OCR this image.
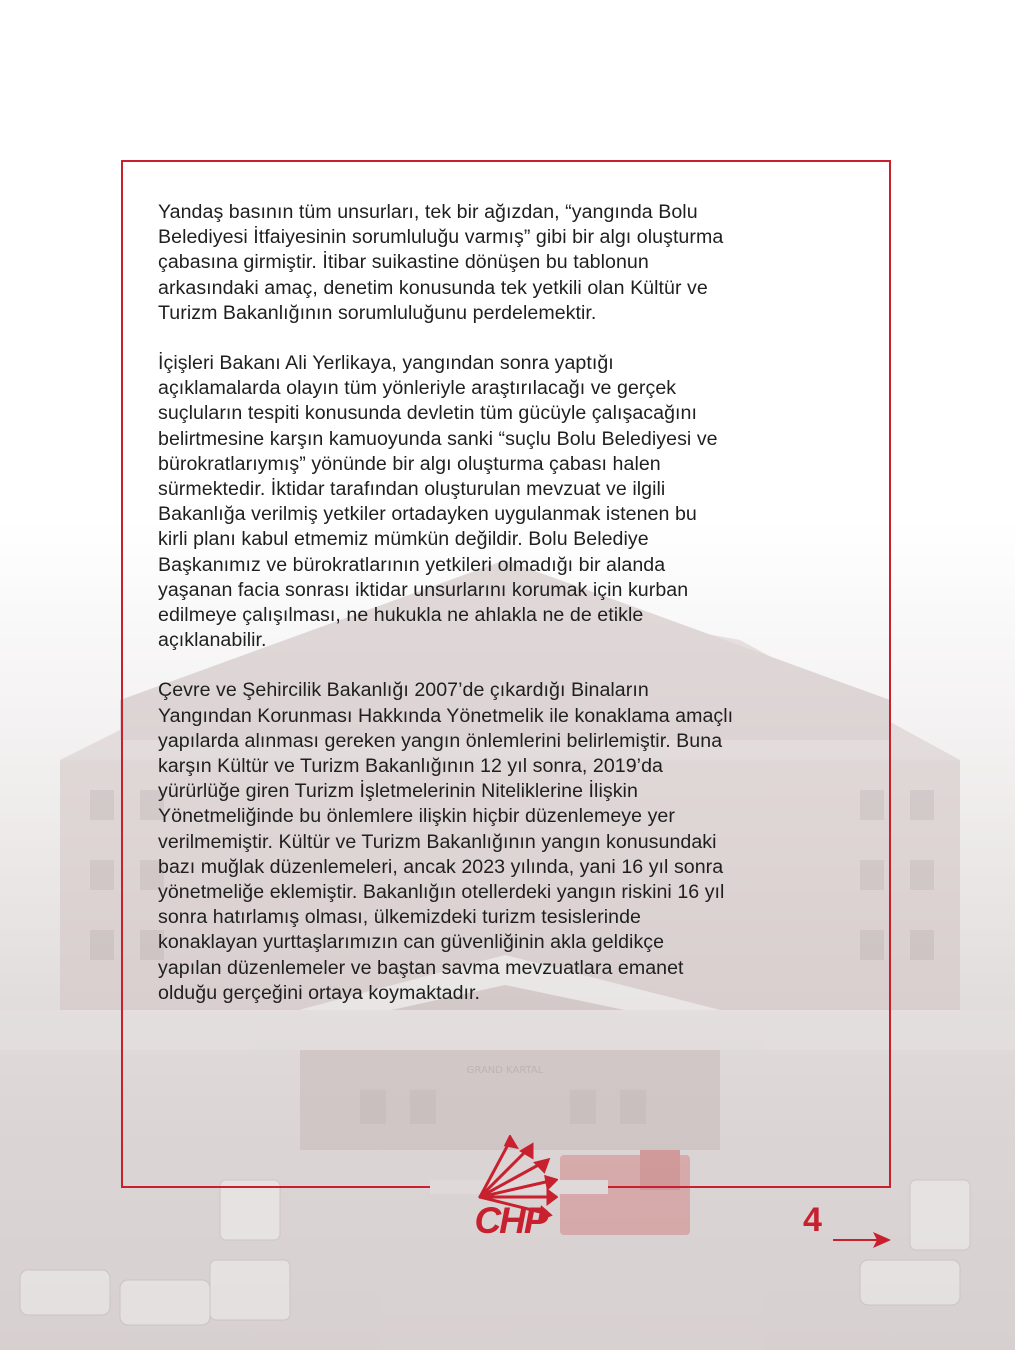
GRAND KARTAL

Yandaş basının tüm unsurları, tek bir ağızdan, “yangında Bolu
Belediyesi İtfaiyesinin sorumluluğu varmış” gibi bir algı oluşturma
çabasına girmiştir. İtibar suikastine dönüşen bu tablonun
arkasındaki amaç, denetim konusunda tek yetkili olan Kültür ve
Turizm Bakanlığının sorumluluğunu perdelemektir.

İçişleri Bakanı Ali Yerlikaya, yangından sonra yaptığı
açıklamalarda olayın tüm yönleriyle araştırılacağı ve gerçek
suçluların tespiti konusunda devletin tüm gücüyle çalışacağını
belirtmesine karşın kamuoyunda sanki “suçlu Bolu Belediyesi ve
bürokratlarıymış” yönünde bir algı oluşturma çabası halen
sürmektedir. İktidar tarafından oluşturulan mevzuat ve ilgili
Bakanlığa verilmiş yetkiler ortadayken uygulanmak istenen bu
kirli planı kabul etmemiz mümkün değildir. Bolu Belediye
Başkanımız ve bürokratlarının yetkileri olmadığı bir alanda
yaşanan facia sonrası iktidar unsurlarını korumak için kurban
edilmeye çalışılması, ne hukukla ne ahlakla ne de etikle
açıklanabilir.

Çevre ve Şehircilik Bakanlığı 2007’de çıkardığı Binaların
Yangından Korunması Hakkında Yönetmelik ile konaklama amaçlı
yapılarda alınması gereken yangın önlemlerini belirlemiştir. Buna
karşın Kültür ve Turizm Bakanlığının 12 yıl sonra, 2019’da
yürürlüğe giren Turizm İşletmelerinin Niteliklerine İlişkin
Yönetmeliğinde bu önlemlere ilişkin hiçbir düzenlemeye yer
verilmemiştir. Kültür ve Turizm Bakanlığının yangın konusundaki
bazı muğlak düzenlemeleri, ancak 2023 yılında, yani 16 yıl sonra
yönetmeliğe eklemiştir. Bakanlığın otellerdeki yangın riskini 16 yıl
sonra hatırlamış olması, ülkemizdeki turizm tesislerinde
konaklayan yurttaşlarımızın can güvenliğinin akla geldikçe
yapılan düzenlemeler ve baştan savma mevzuatlara emanet
olduğu gerçeğini ortaya koymaktadır.

CHP	4
